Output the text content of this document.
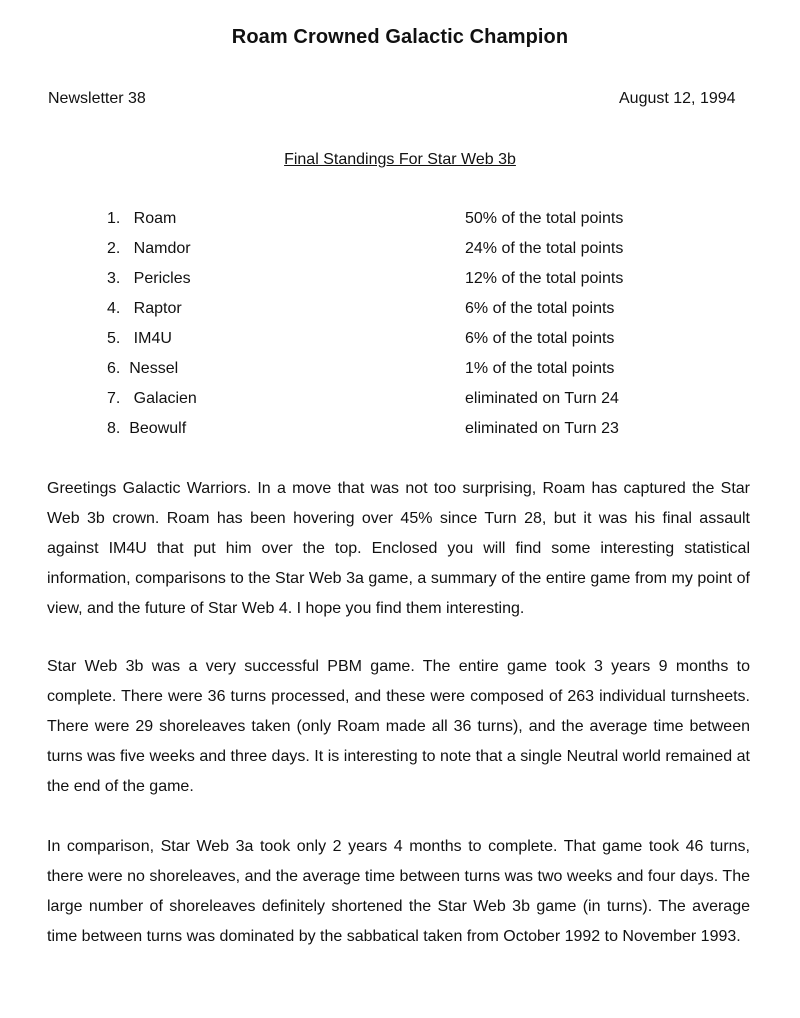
Roam Crowned Galactic Champion
Newsletter 38	August 12, 1994
Final Standings For Star Web 3b
1.   Roam	50% of the total points
2.   Namdor	24% of the total points
3.   Pericles	12% of the total points
4.   Raptor	6% of the total points
5.   IM4U	6% of the total points
6.  Nessel	1% of the total points
7.   Galacien	eliminated on Turn 24
8.  Beowulf	eliminated on Turn 23

Greetings Galactic Warriors. In a move that was not too surprising, Roam has captured the Star Web 3b crown. Roam has been hovering over 45% since Turn 28, but it was his final assault against IM4U that put him over the top. Enclosed you will find some interesting statistical information, comparisons to the Star Web 3a game, a summary of the entire game from my point of view, and the future of Star Web 4. I hope you find them interesting.

Star Web 3b was a very successful PBM game. The entire game took 3 years 9 months to complete. There were 36 turns processed, and these were composed of 263 individual turnsheets. There were 29 shoreleaves taken (only Roam made all 36 turns), and the average time between turns was five weeks and three days. It is interesting to note that a single Neutral world remained at the end of the game.

In comparison, Star Web 3a took only 2 years 4 months to complete. That game took 46 turns, there were no shoreleaves, and the average time between turns was two weeks and four days. The large number of shoreleaves definitely shortened the Star Web 3b game (in turns). The average time between turns was dominated by the sabbatical taken from October 1992 to November 1993.
